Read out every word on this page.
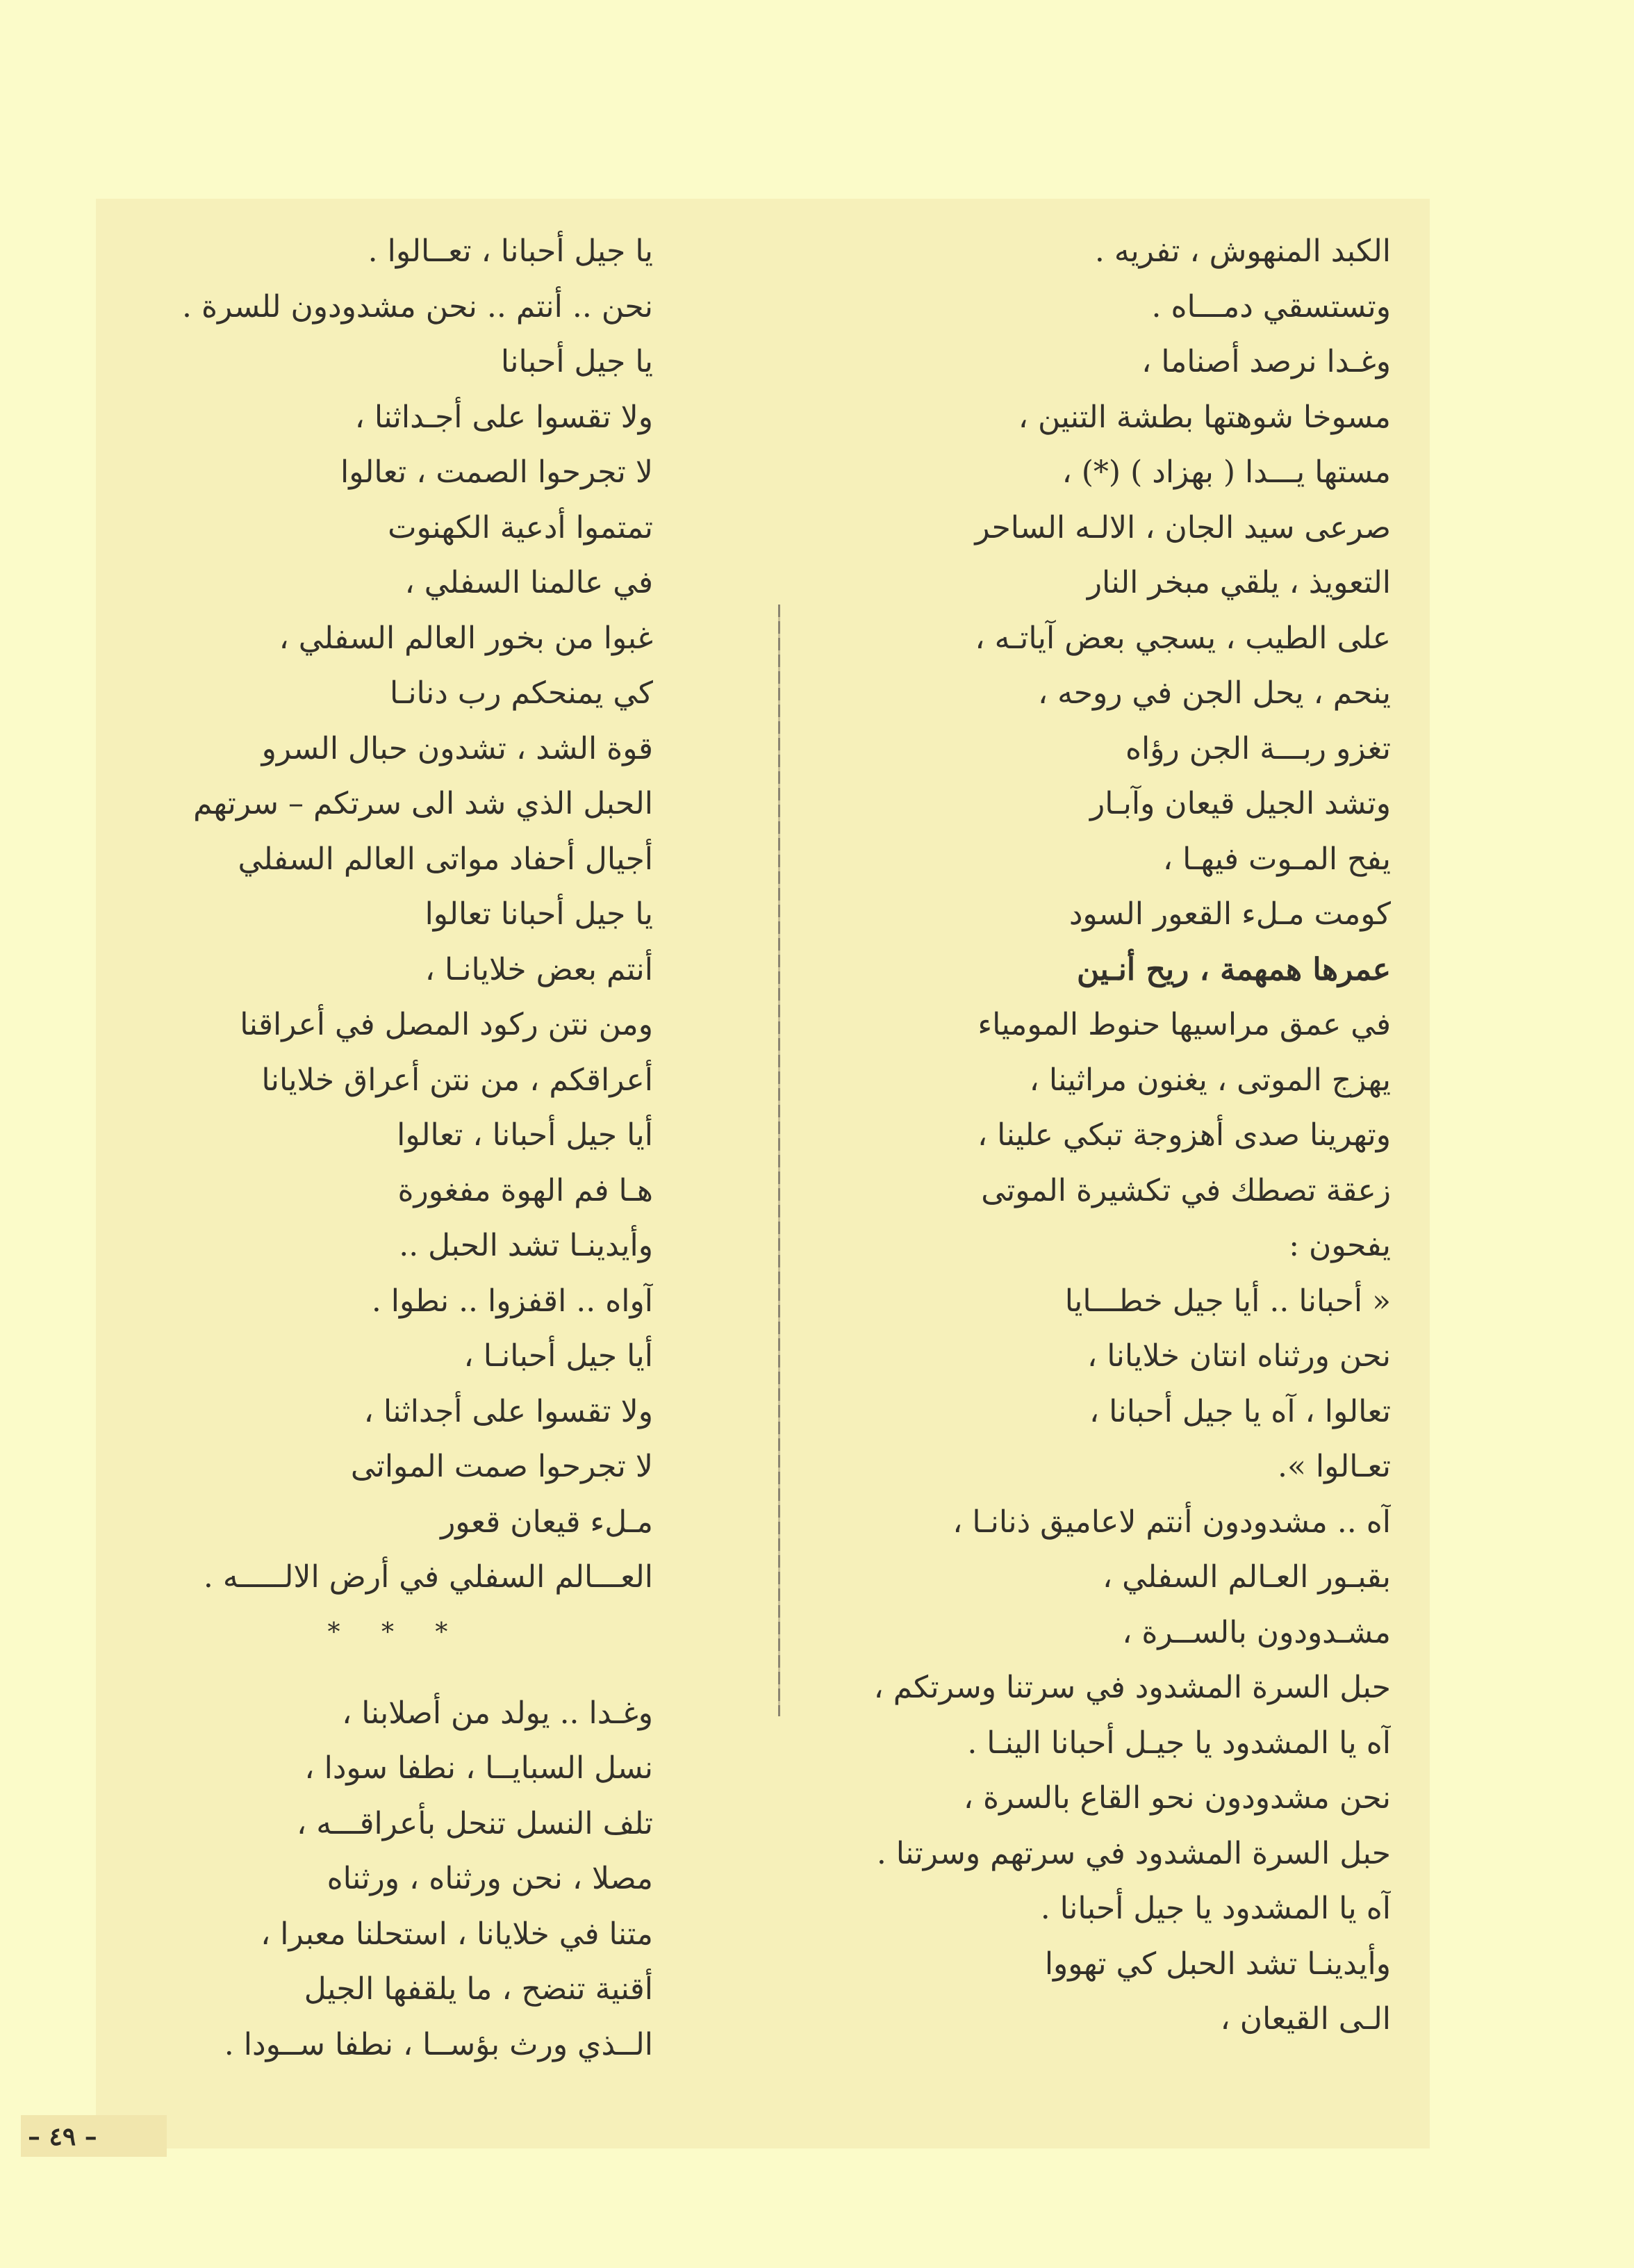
الكبد المنهوش ، تفريه .
وتستسقي دمـــاه .
وغـدا نرصد أصناما ،
مسوخا شوهتها بطشة التنين ،
مستها يـــدا ( بهزاد ) (*) ،
صرعى سيد الجان ، الالـه الساحر
التعويذ ، يلقي مبخر النار
على الطيب ، يسجي بعض آياتـه ،
ينحم ، يحل الجن في روحه ،
تغزو ربـــة الجن رؤاه
وتشد الجيل قيعان وآبـار
يفح المـوت فيهـا ،
كومت مـلء القعور السود
عمرها همهمة ، ريح أنـين
في عمق مراسيها حنوط المومياء
يهزج الموتى ، يغنون مراثينا ،
وتهرينا صدى أهزوجة تبكي علينا ،
زعقة تصطك في تكشيرة الموتى
يفحون :
« أحبانا .. أيا جيل خطـــايا
نحن ورثناه انتان خلايانا ،
تعالوا ، آه يا جيل أحبانا ،
تعـالوا ».
آه .. مشدودون أنتم لاعاميق ذنانـا ،
بقبـور العـالم السفلي ،
مشـدودون بالســرة ،
حبل السرة المشدود في سرتنا وسرتكم ،
آه يا المشدود يا جيـل أحبانا الينـا .
نحن مشدودون نحو القاع بالسرة ،
حبل السرة المشدود في سرتهم وسرتنا .
آه يا المشدود يا جيل أحبانا .
وأيدينـا تشد الحبل كي تهووا
الـى القيعان ،
يا جيل أحبانا ، تعــالوا .
نحن .. أنتم .. نحن مشدودون للسرة .
يا جيل أحبانا
ولا تقسوا على أجـداثنا ،
لا تجرحوا الصمت ، تعالوا
تمتموا أدعية الكهنوت
في عالمنا السفلي ،
غبوا من بخور العالم السفلي ،
كي يمنحكم رب دنانـا
قوة الشد ، تشدون حبال السرو
الحبل الذي شد الى سرتكم – سرتهم
أجيال أحفاد مواتى العالم السفلي
يا جيل أحبانا تعالوا
أنتم بعض خلايانـا ،
ومن نتن ركود المصل في أعراقنا
أعراقكم ، من نتن أعراق خلايانا
أيا جيل أحبانا ، تعالوا
هـا فم الهوة مفغورة
وأيدينـا تشد الحبل ..
آواه .. اقفزوا .. نطوا .
أيا جيل أحبانـا ،
ولا تقسوا على أجداثنا ،
لا تجرحوا صمت المواتى
مـلء قيعان قعور
العـــالم السفلي في أرض الالـــــه .
* * *
وغـدا .. يولد من أصلابنا ،
نسل السبايــا ، نطفا سودا ،
تلف النسل تنحل بأعراقـــه ،
مصلا ، نحن ورثناه ، ورثناه
متنا في خلايانا ، استحلنا معبرا ،
أقنية تنضح ، ما يلقفها الجيل
الــذي ورث بؤســا ، نطفا ســودا .
– ٤٩ –
